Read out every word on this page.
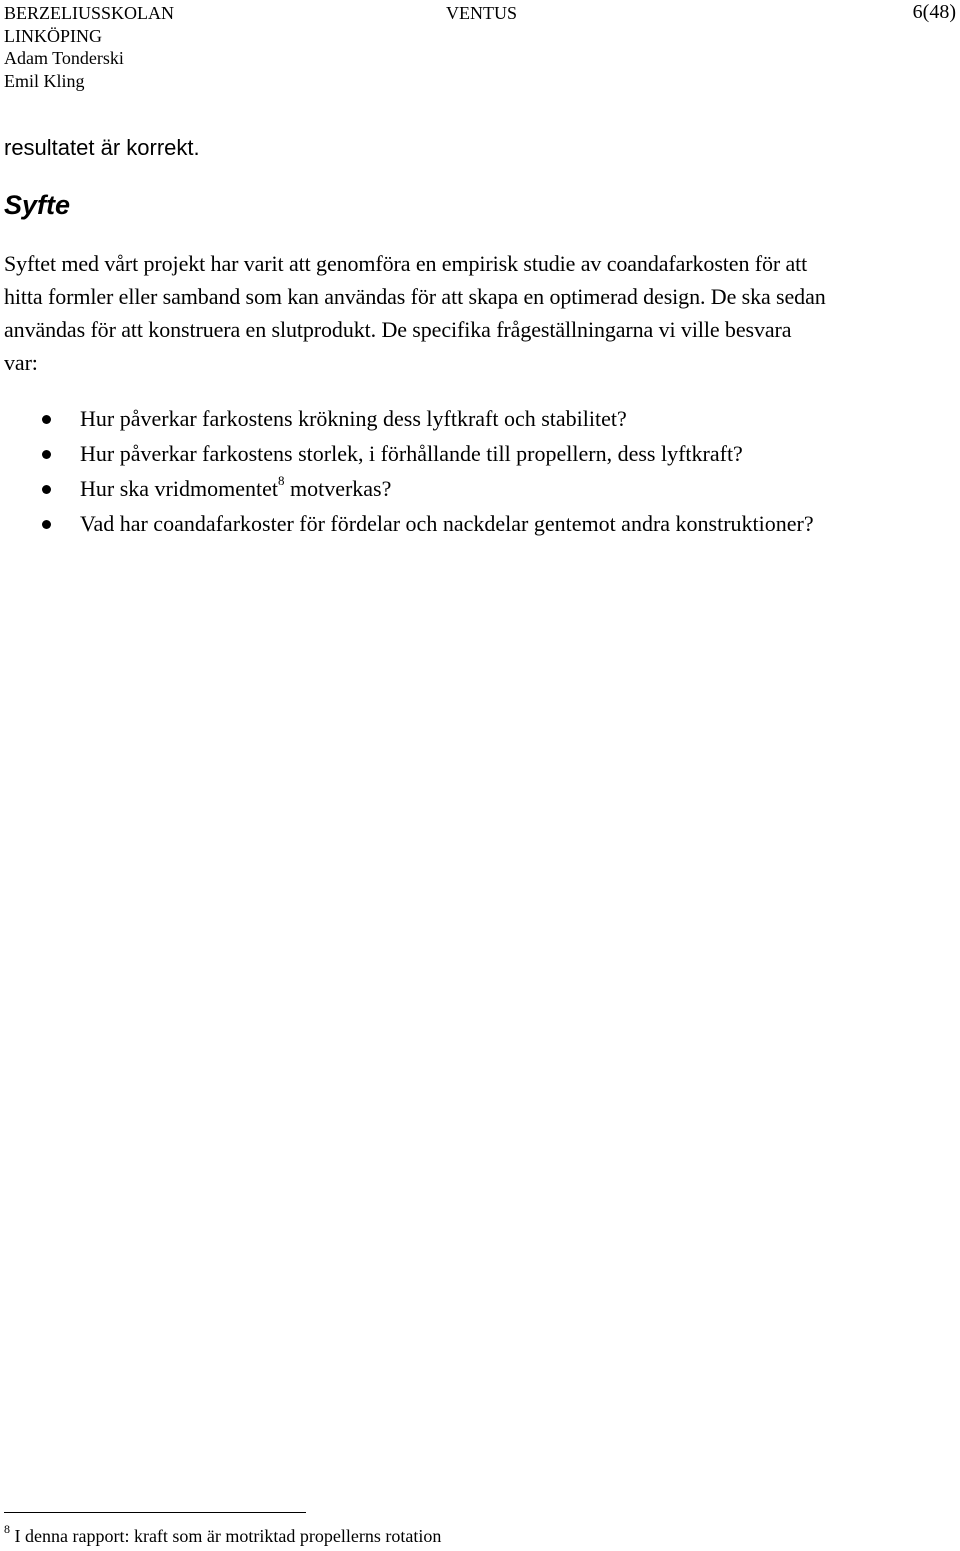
BERZELIUSSKOLAN
LINKÖPING
Adam Tonderski
Emil Kling
VENTUS	6(48)
resultatet är korrekt.
Syfte
Syftet med vårt projekt har varit att genomföra en empirisk studie av coandafarkosten för att
hitta formler eller samband som kan användas för att skapa en optimerad design. De ska sedan
användas för att konstruera en slutprodukt. De specifika frågeställningarna vi ville besvara
var:
Hur påverkar farkostens krökning dess lyftkraft och stabilitet?
Hur påverkar farkostens storlek, i förhållande till propellern, dess lyftkraft?
Hur ska vridmomentet$^8$ motverkas?
Vad har coandafarkoster för fördelar och nackdelar gentemot andra konstruktioner?
$^8$ I denna rapport: kraft som är motriktad propellerns rotation
